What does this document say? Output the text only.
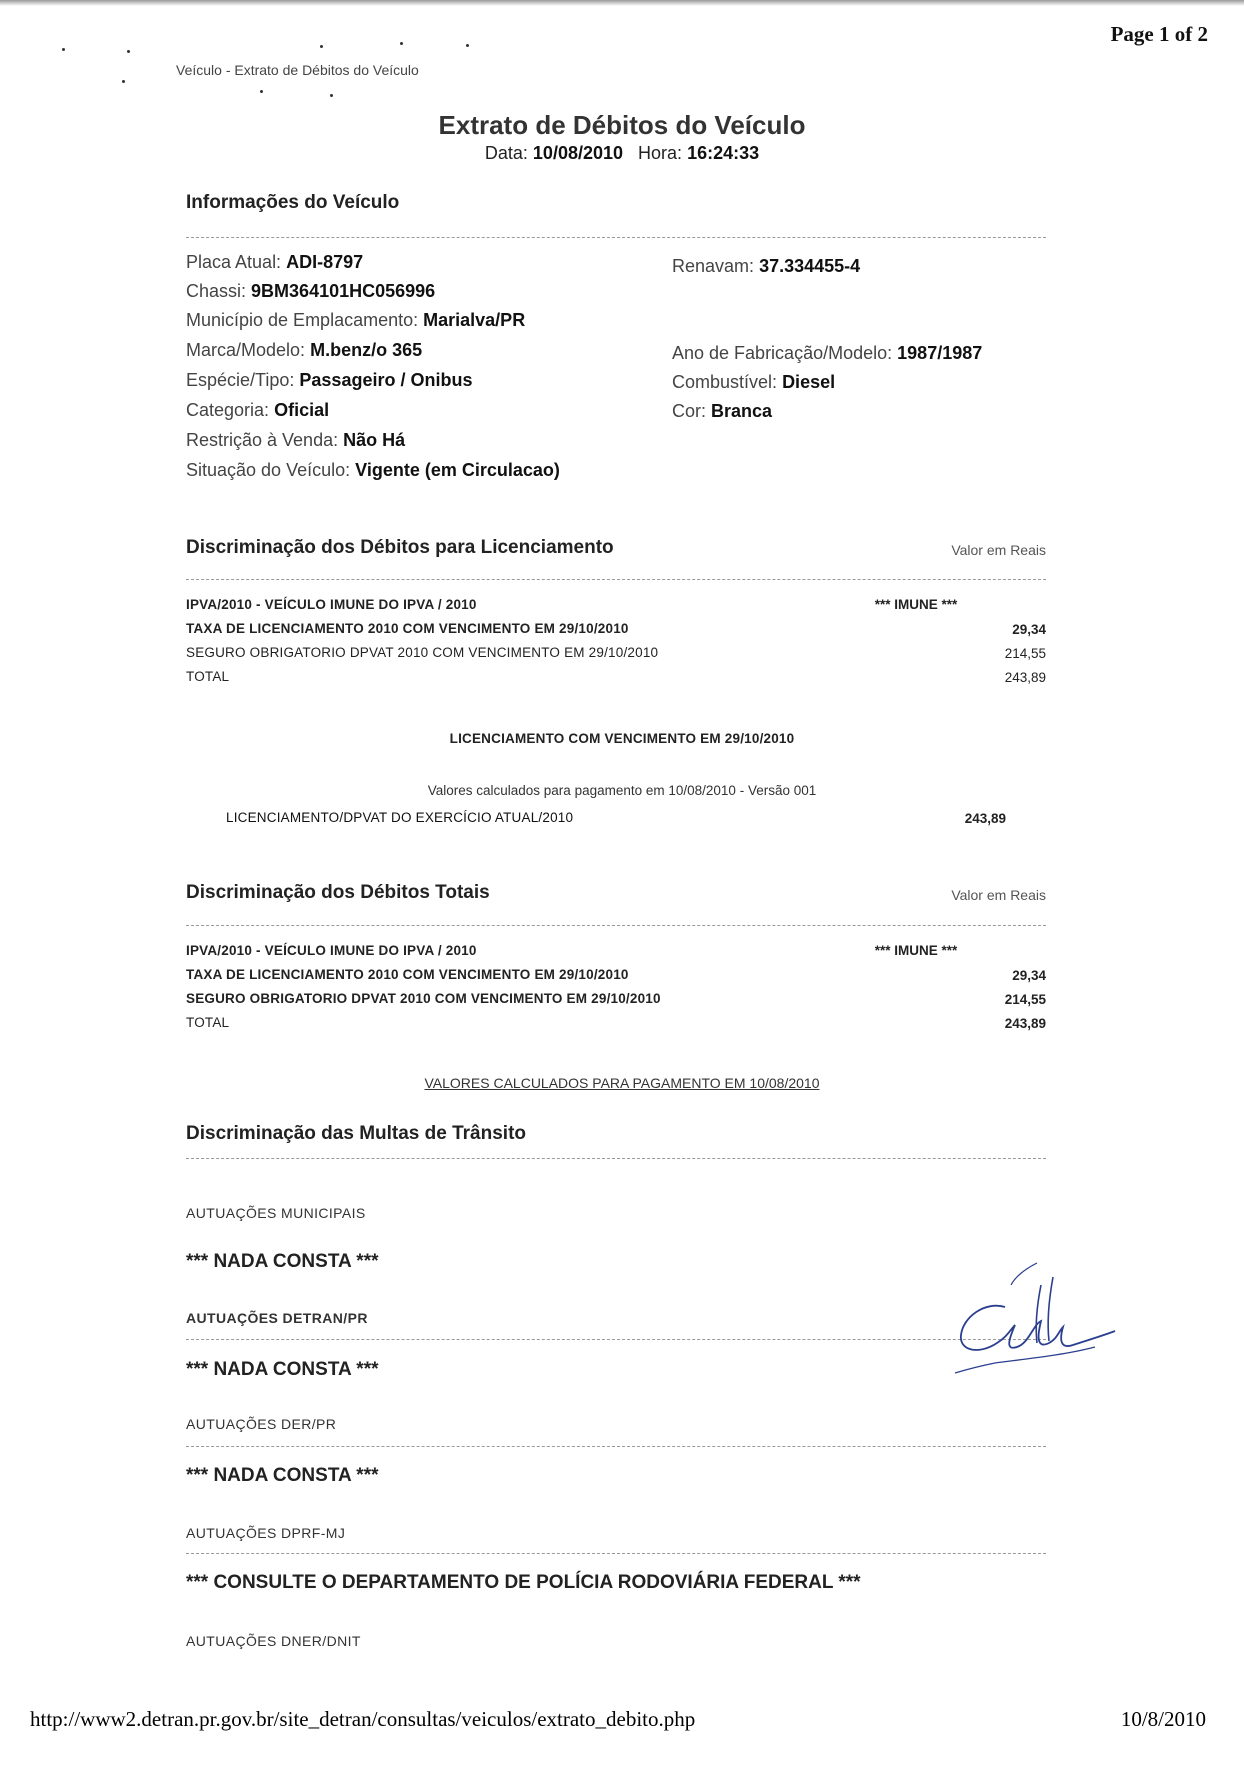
Page 1 of 2
Veículo - Extrato de Débitos do Veículo
Extrato de Débitos do Veículo
Data: 10/08/2010 Hora: 16:24:33
Informações do Veículo
Placa Atual: ADI-8797
Chassi: 9BM364101HC056996
Município de Emplacamento: Marialva/PR
Marca/Modelo: M.benz/o 365
Espécie/Tipo: Passageiro / Onibus
Categoria: Oficial
Restrição à Venda: Não Há
Situação do Veículo: Vigente (em Circulacao)
Renavam: 37.334455-4
Ano de Fabricação/Modelo: 1987/1987
Combustível: Diesel
Cor: Branca
Discriminação dos Débitos para Licenciamento	Valor em Reais
IPVA/2010 - VEÍCULO IMUNE DO IPVA / 2010	*** IMUNE ***
TAXA DE LICENCIAMENTO 2010 COM VENCIMENTO EM 29/10/2010	29,34
SEGURO OBRIGATORIO DPVAT 2010 COM VENCIMENTO EM 29/10/2010	214,55
TOTAL	243,89
LICENCIAMENTO COM VENCIMENTO EM 29/10/2010
Valores calculados para pagamento em 10/08/2010 - Versão 001
LICENCIAMENTO/DPVAT DO EXERCÍCIO ATUAL/2010	243,89
Discriminação dos Débitos Totais	Valor em Reais
IPVA/2010 - VEÍCULO IMUNE DO IPVA / 2010	*** IMUNE ***
TAXA DE LICENCIAMENTO 2010 COM VENCIMENTO EM 29/10/2010	29,34
SEGURO OBRIGATORIO DPVAT 2010 COM VENCIMENTO EM 29/10/2010	214,55
TOTAL	243,89
VALORES CALCULADOS PARA PAGAMENTO EM 10/08/2010
Discriminação das Multas de Trânsito
AUTUAÇÕES MUNICIPAIS
*** NADA CONSTA ***
AUTUAÇÕES DETRAN/PR
*** NADA CONSTA ***
AUTUAÇÕES DER/PR
*** NADA CONSTA ***
AUTUAÇÕES DPRF-MJ
*** CONSULTE O DEPARTAMENTO DE POLÍCIA RODOVIÁRIA FEDERAL ***
AUTUAÇÕES DNER/DNIT
http://www2.detran.pr.gov.br/site_detran/consultas/veiculos/extrato_debito.php	10/8/2010
